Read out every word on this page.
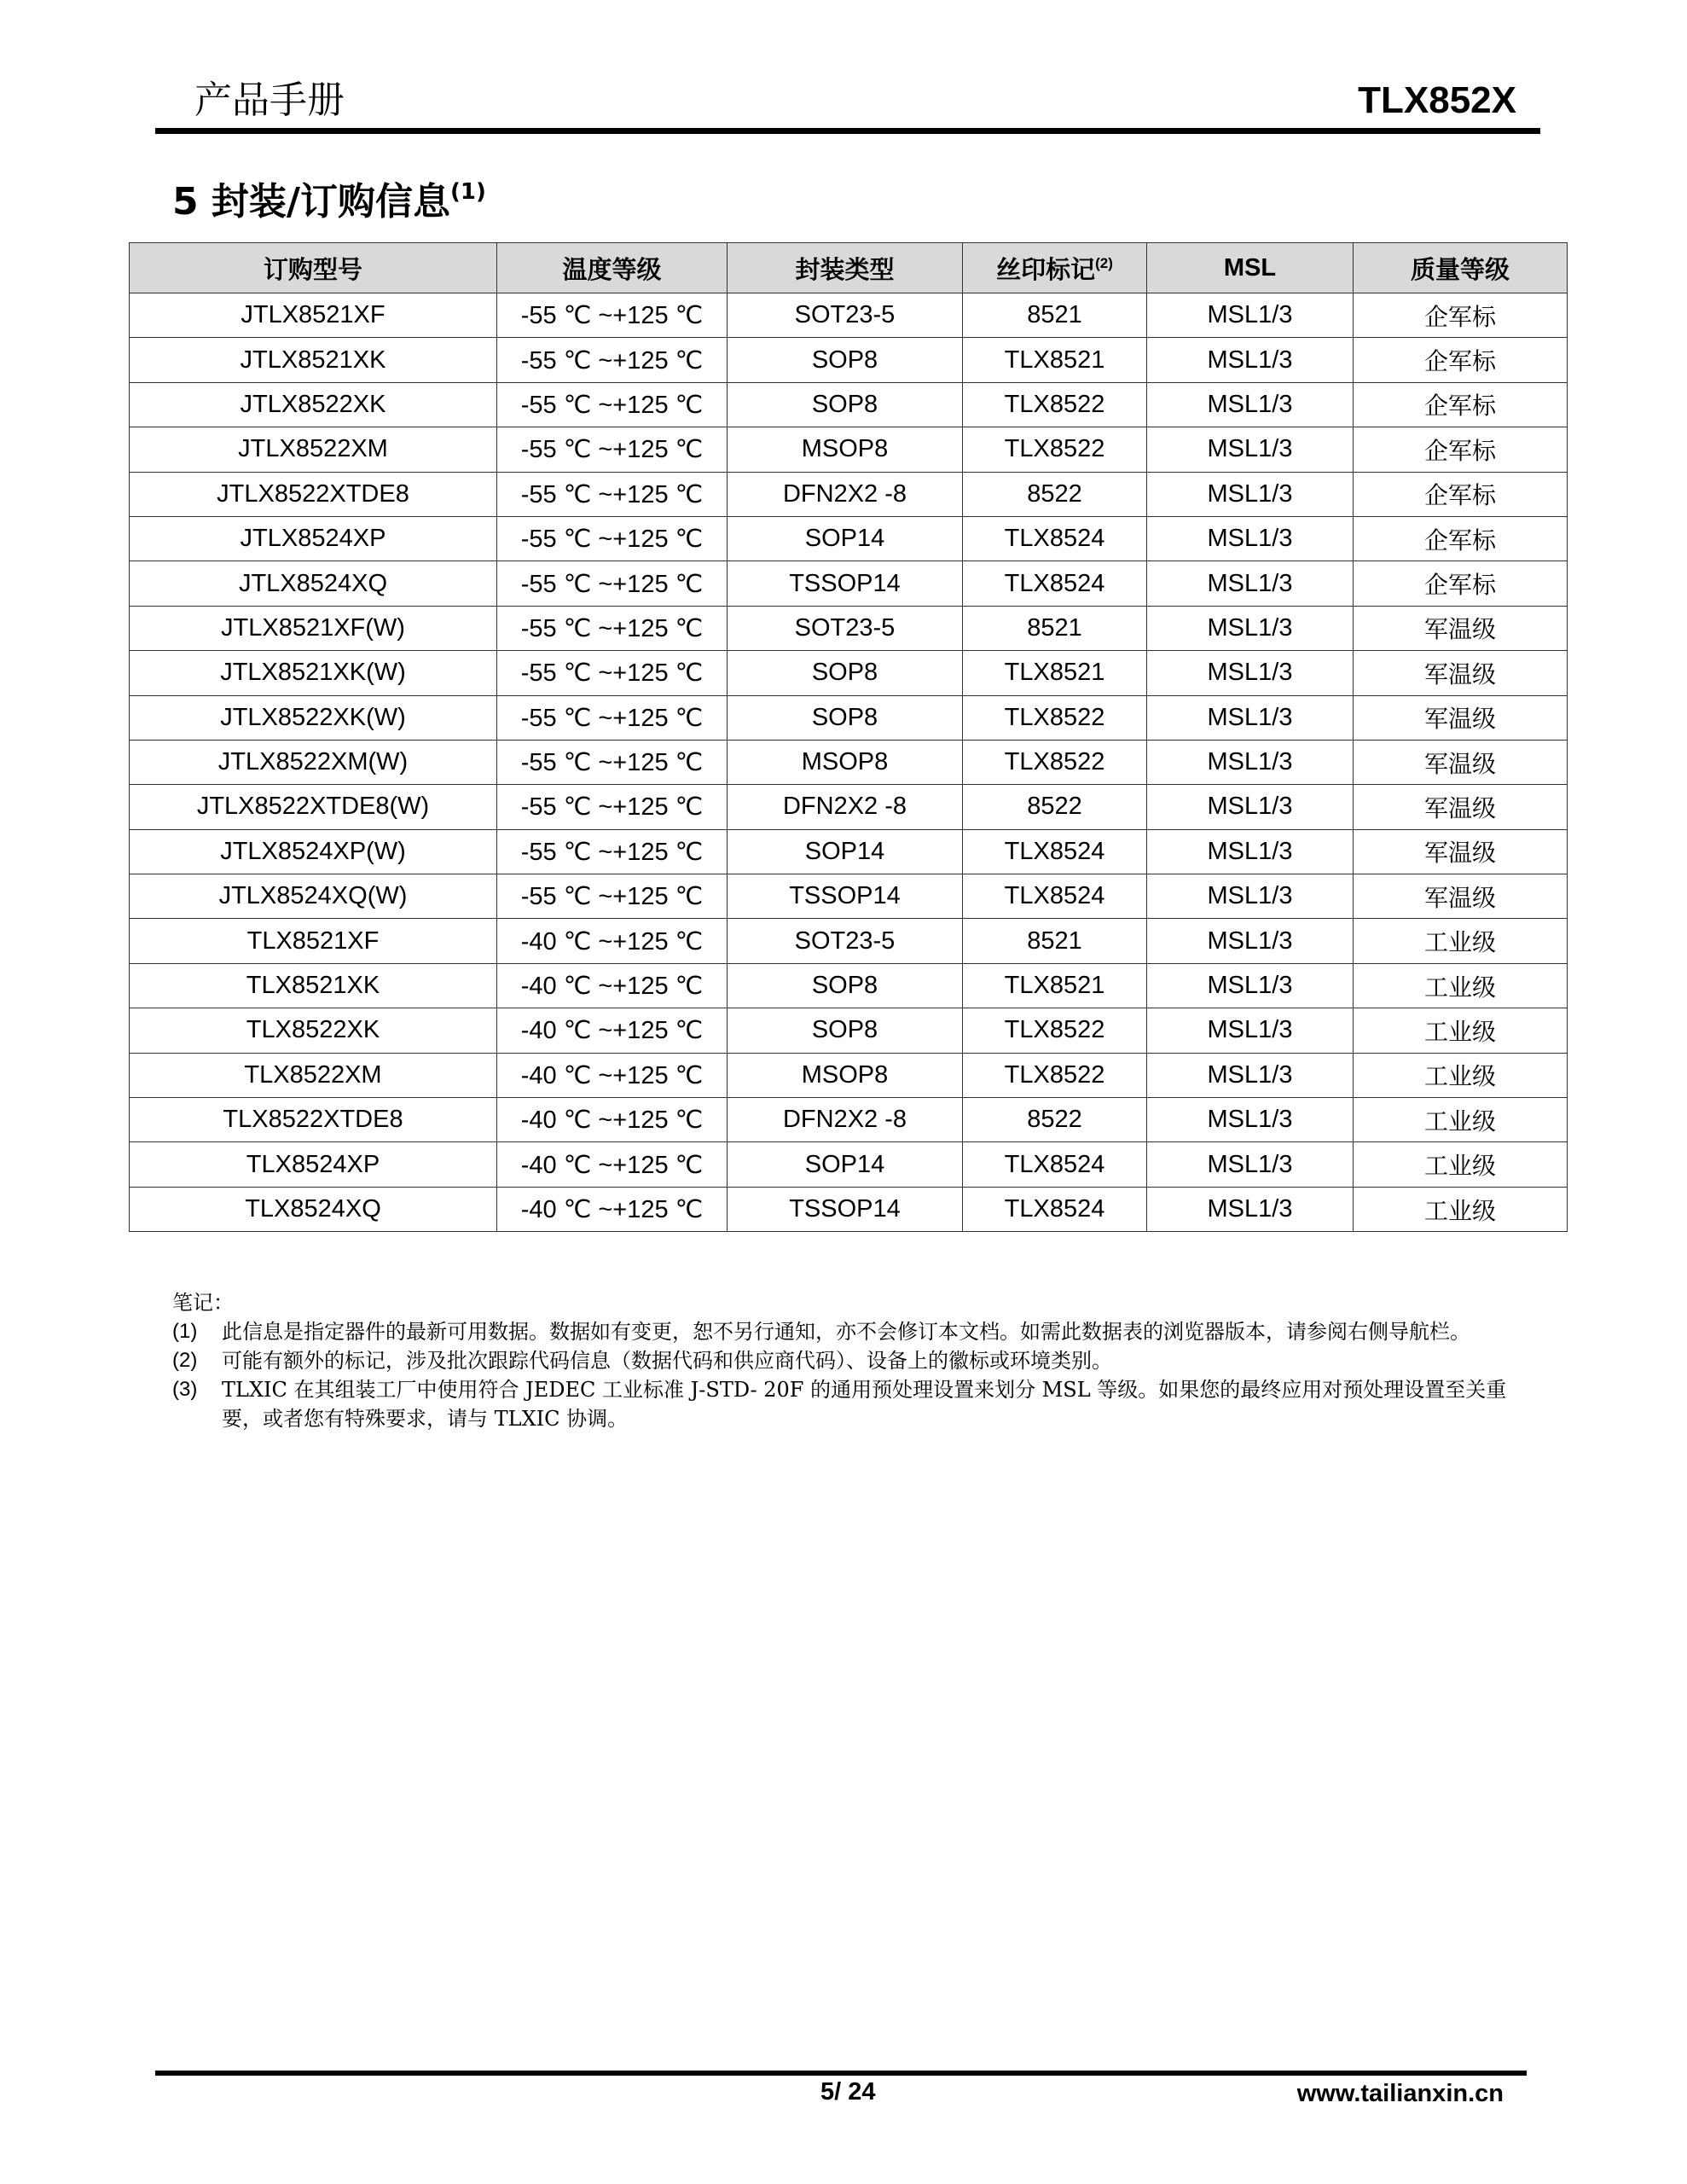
产品手册	TLX852X
5 封装/订购信息$^{(1)}$
订购型号	温度等级	封装类型	丝印标记$^{(2)}$	MSL	质量等级
JTLX8521XF	-55 ℃ ~+125 ℃	SOT23-5	8521	MSL1/3	企军标
JTLX8521XK	-55 ℃ ~+125 ℃	SOP8	TLX8521	MSL1/3	企军标
JTLX8522XK	-55 ℃ ~+125 ℃	SOP8	TLX8522	MSL1/3	企军标
JTLX8522XM	-55 ℃ ~+125 ℃	MSOP8	TLX8522	MSL1/3	企军标
JTLX8522XTDE8	-55 ℃ ~+125 ℃	DFN2X2 -8	8522	MSL1/3	企军标
JTLX8524XP	-55 ℃ ~+125 ℃	SOP14	TLX8524	MSL1/3	企军标
JTLX8524XQ	-55 ℃ ~+125 ℃	TSSOP14	TLX8524	MSL1/3	企军标
JTLX8521XF(W)	-55 ℃ ~+125 ℃	SOT23-5	8521	MSL1/3	军温级
JTLX8521XK(W)	-55 ℃ ~+125 ℃	SOP8	TLX8521	MSL1/3	军温级
JTLX8522XK(W)	-55 ℃ ~+125 ℃	SOP8	TLX8522	MSL1/3	军温级
JTLX8522XM(W)	-55 ℃ ~+125 ℃	MSOP8	TLX8522	MSL1/3	军温级
JTLX8522XTDE8(W)	-55 ℃ ~+125 ℃	DFN2X2 -8	8522	MSL1/3	军温级
JTLX8524XP(W)	-55 ℃ ~+125 ℃	SOP14	TLX8524	MSL1/3	军温级
JTLX8524XQ(W)	-55 ℃ ~+125 ℃	TSSOP14	TLX8524	MSL1/3	军温级
TLX8521XF	-40 ℃ ~+125 ℃	SOT23-5	8521	MSL1/3	工业级
TLX8521XK	-40 ℃ ~+125 ℃	SOP8	TLX8521	MSL1/3	工业级
TLX8522XK	-40 ℃ ~+125 ℃	SOP8	TLX8522	MSL1/3	工业级
TLX8522XM	-40 ℃ ~+125 ℃	MSOP8	TLX8522	MSL1/3	工业级
TLX8522XTDE8	-40 ℃ ~+125 ℃	DFN2X2 -8	8522	MSL1/3	工业级
TLX8524XP	-40 ℃ ~+125 ℃	SOP14	TLX8524	MSL1/3	工业级
TLX8524XQ	-40 ℃ ~+125 ℃	TSSOP14	TLX8524	MSL1/3	工业级
笔记：
(1)	此信息是指定器件的最新可用数据。数据如有变更，恕不另行通知，亦不会修订本文档。如需此数据表的浏览器版本，请参阅右侧导航栏。
(2)	可能有额外的标记，涉及批次跟踪代码信息（数据代码和供应商代码）、设备上的徽标或环境类别。
(3)	TLXIC 在其组装工厂中使用符合 JEDEC 工业标准 J-STD- 20F 的通用预处理设置来划分 MSL 等级。如果您的最终应用对预处理设置至关重要，或者您有特殊要求，请与 TLXIC 协调。
5/ 24	www.tailianxin.cn
